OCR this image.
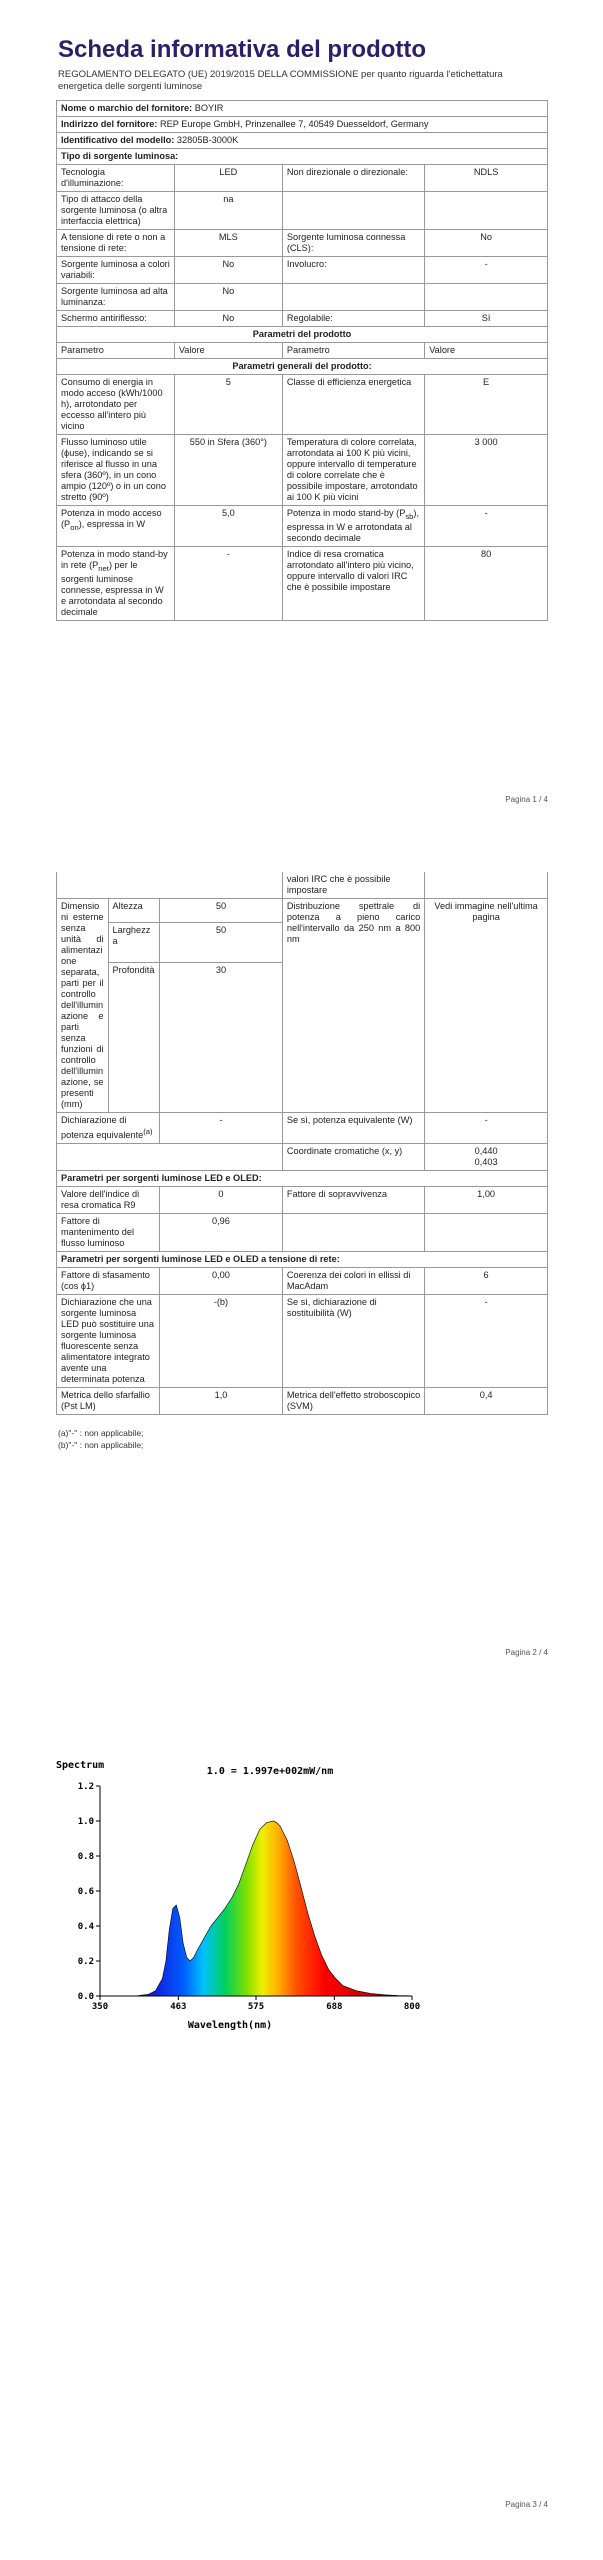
Scheda informativa del prodotto
REGOLAMENTO DELEGATO (UE) 2019/2015 DELLA COMMISSIONE per quanto riguarda l'etichettatura energetica delle sorgenti luminose
Nome o marchio del fornitore: BOYIR			
Indirizzo del fornitore: REP Europe GmbH, Prinzenallee 7, 40549 Duesseldorf, Germany			
Identificativo del modello: 32805B-3000K			
Tipo di sorgente luminosa:			
Tecnologia d'illuminazione:	LED	Non direzionale o direzionale:	NDLS
Tipo di attacco della sorgente luminosa (o altra interfaccia elettrica)	na		
A tensione di rete o non a tensione di rete:	MLS	Sorgente luminosa connessa (CLS):	No
Sorgente luminosa a colori variabili:	No	Involucro:	-
Sorgente luminosa ad alta luminanza:	No		
Schermo antiriflesso:	No	Regolabile:	Sì
Parametri del prodotto			
Parametro	Valore	Parametro	Valore
Parametri generali del prodotto:			
Consumo di energia in modo acceso (kWh/1000 h), arrotondato per eccesso all'intero più vicino	5	Classe di efficienza energetica	E
Flusso luminoso utile (ϕuse), indicando se si riferisce al flusso in una sfera (360º), in un cono ampio (120º) o in un cono stretto (90º)	550 in Sfera (360°)	Temperatura di colore correlata, arrotondata ai 100 K più vicini, oppure intervallo di temperature di colore correlate che è possibile impostare, arrotondato ai 100 K più vicini	3 000
Potenza in modo acceso $(P_{on})$, espressa in W	5,0	Potenza in modo stand-by $(P_{sb})$, espressa in W e arrotondata al secondo decimale	-
Potenza in modo stand-by in rete $(P_{net})$ per le sorgenti luminose connesse, espressa in W e arrotondata al secondo decimale	-	Indice di resa cromatica arrotondato all'intero più vicino, oppure intervallo di valori IRC che è possibile impostare	80
Pagina 1 / 4
			valori IRC che è possibile impostare	
Dimensioni esterne senza unità di alimentazione separata, parti per il controllo dell'illuminazione e parti senza funzioni di controllo dell'illuminazione, se presenti (mm)	Altezza	50	Distribuzione spettrale di potenza a pieno carico nell'intervallo da 250 nm a 800 nm	Vedi immagine nell'ultima pagina
	Larghezza	50		
	Profondità	30		
Dichiarazione di potenza equivalente$^{(a)}$		-	Se sì, potenza equivalente (W)	-
			Coordinate cromatiche (x, y)	0,440
0,403
Parametri per sorgenti luminose LED e OLED:				
Valore dell'indice di resa cromatica R9		0	Fattore di sopravvivenza	1,00
Fattore di mantenimento del flusso luminoso		0,96		
Parametri per sorgenti luminose LED e OLED a tensione di rete:				
Fattore di sfasamento (cos ϕ1)		0,00	Coerenza dei colori in ellissi di MacAdam	6
Dichiarazione che una sorgente luminosa LED può sostituire una sorgente luminosa fluorescente senza alimentatore integrato avente una determinata potenza		-(b)	Se sì, dichiarazione di sostituibilità (W)	-
Metrica dello sfarfallio (Pst LM)		1,0	Metrica dell'effetto stroboscopico (SVM)	0,4
(a)"-" : non applicabile;
(b)"-" : non applicabile;
Pagina 2 / 4
Spectrum
1.0 = 1.997e+002mW/nm
Wavelength(nm)
0.0
0.2
0.4
0.6
0.8
1.0
1.2
350	463	575	688	800
Pagina 3 / 4
